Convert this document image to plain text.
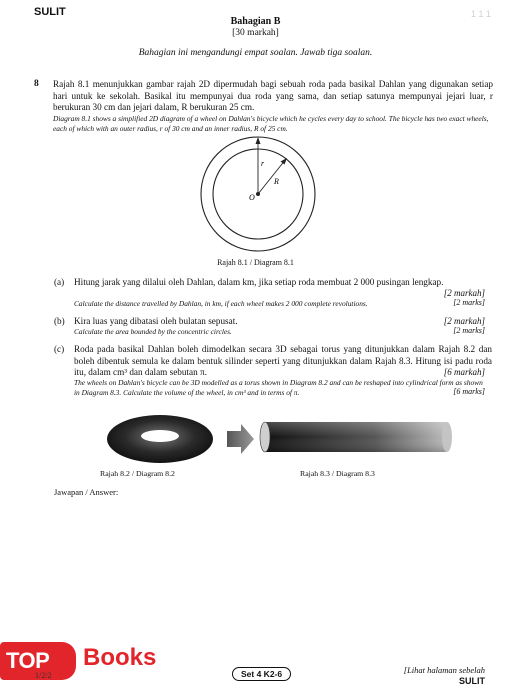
SULIT	1 1 1
Bahagian B
[30 markah]
Bahagian ini mengandungi empat soalan. Jawab tiga soalan.
8 Rajah 8.1 menunjukkan gambar rajah 2D dipermudah bagi sebuah roda pada basikal Dahlan yang digunakan setiap hari untuk ke sekolah. Basikal itu mempunyai dua roda yang sama, dan setiap satunya mempunyai jejari luar, r berukuran 30 cm dan jejari dalam, R berukuran 25 cm.
Diagram 8.1 shows a simplified 2D diagram of a wheel on Dahlan's bicycle which he cycles every day to school. The bicycle has two exact wheels, each of which with an outer radius, r of 30 cm and an inner radius, R of 25 cm.
r
R
O
Rajah 8.1 / Diagram 8.1
(a) Hitung jarak yang dilalui oleh Dahlan, dalam km, jika setiap roda membuat 2 000 pusingan lengkap.
[2 markah]
Calculate the distance travelled by Dahlan, in km, if each wheel makes 2 000 complete revolutions.	[2 marks]
(b) Kira luas yang dibatasi oleh bulatan sepusat.	[2 markah]
Calculate the area bounded by the concentric circles.	[2 marks]
(c) Roda pada basikal Dahlan boleh dimodelkan secara 3D sebagai torus yang ditunjukkan dalam Rajah 8.2 dan boleh dibentuk semula ke dalam bentuk silinder seperti yang ditunjukkan dalam Rajah 8.3. Hitung isi padu roda itu, dalam cm³ dan dalam sebutan π.	[6 markah]
The wheels on Dahlan's bicycle can be 3D modelled as a torus shown in Diagram 8.2 and can be reshaped into cylindrical form as shown in Diagram 8.3. Calculate the volume of the wheel, in cm³ and in terms of π.	[6 marks]
Rajah 8.2 / Diagram 8.2	Rajah 8.3 / Diagram 8.3
Jawapan / Answer:
TOP	Books
1/2/2	Set 4 K2-6	[Lihat halaman sebelah
SULIT
